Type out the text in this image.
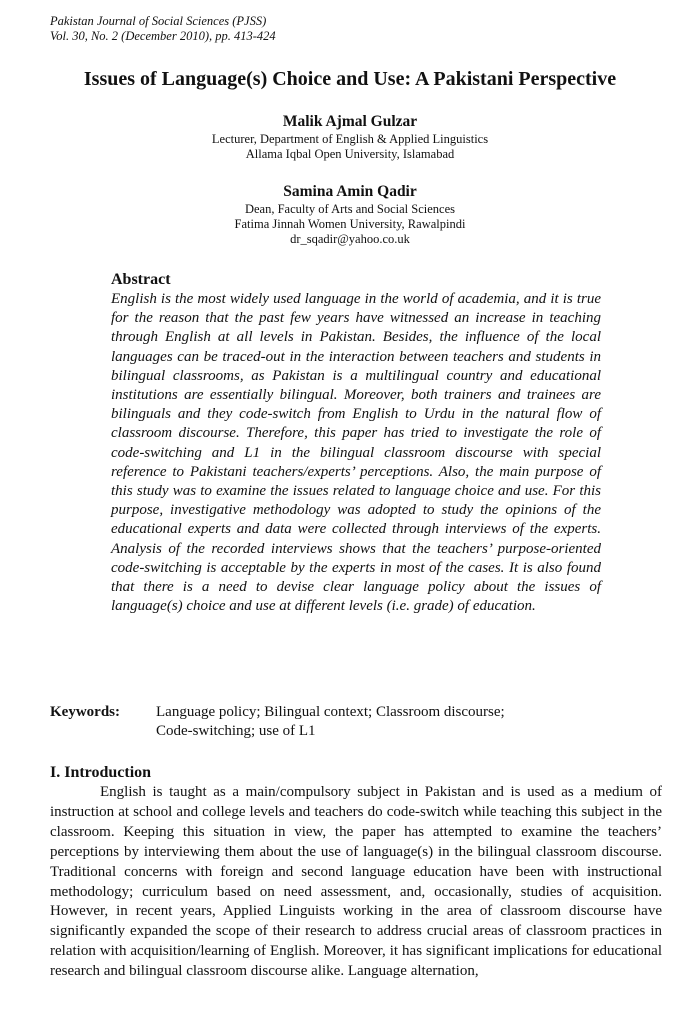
Pakistan Journal of Social Sciences (PJSS)
Vol. 30, No. 2 (December 2010), pp. 413-424
Issues of Language(s) Choice and Use: A Pakistani Perspective
Malik Ajmal Gulzar
Lecturer, Department of English & Applied Linguistics
Allama Iqbal Open University, Islamabad
Samina Amin Qadir
Dean, Faculty of Arts and Social Sciences
Fatima Jinnah Women University, Rawalpindi
dr_sqadir@yahoo.co.uk
Abstract

English is the most widely used language in the world of academia, and it is true for the reason that the past few years have witnessed an increase in teaching through English at all levels in Pakistan. Besides, the influence of the local languages can be traced-out in the interaction between teachers and students in bilingual classrooms, as Pakistan is a multilingual country and educational institutions are essentially bilingual. Moreover, both trainers and trainees are bilinguals and they code-switch from English to Urdu in the natural flow of classroom discourse. Therefore, this paper has tried to investigate the role of code-switching and L1 in the bilingual classroom discourse with special reference to Pakistani teachers/experts’ perceptions. Also, the main purpose of this study was to examine the issues related to language choice and use. For this purpose, investigative methodology was adopted to study the opinions of the educational experts and data were collected through interviews of the experts. Analysis of the recorded interviews shows that the teachers’ purpose-oriented code-switching is acceptable by the experts in most of the cases. It is also found that there is a need to devise clear language policy about the issues of language(s) choice and use at different levels (i.e. grade) of education.

Keywords: Language policy; Bilingual context; Classroom discourse;
Code-switching; use of L1
I. Introduction

English is taught as a main/compulsory subject in Pakistan and is used as a medium of instruction at school and college levels and teachers do code-switch while teaching this subject in the classroom. Keeping this situation in view, the paper has attempted to examine the teachers’ perceptions by interviewing them about the use of language(s) in the bilingual classroom discourse. Traditional concerns with foreign and second language education have been with instructional methodology; curriculum based on need assessment, and, occasionally, studies of acquisition. However, in recent years, Applied Linguists working in the area of classroom discourse have significantly expanded the scope of their research to address crucial areas of classroom practices in relation with acquisition/learning of English. Moreover, it has significant implications for educational research and bilingual classroom discourse alike. Language alternation,
